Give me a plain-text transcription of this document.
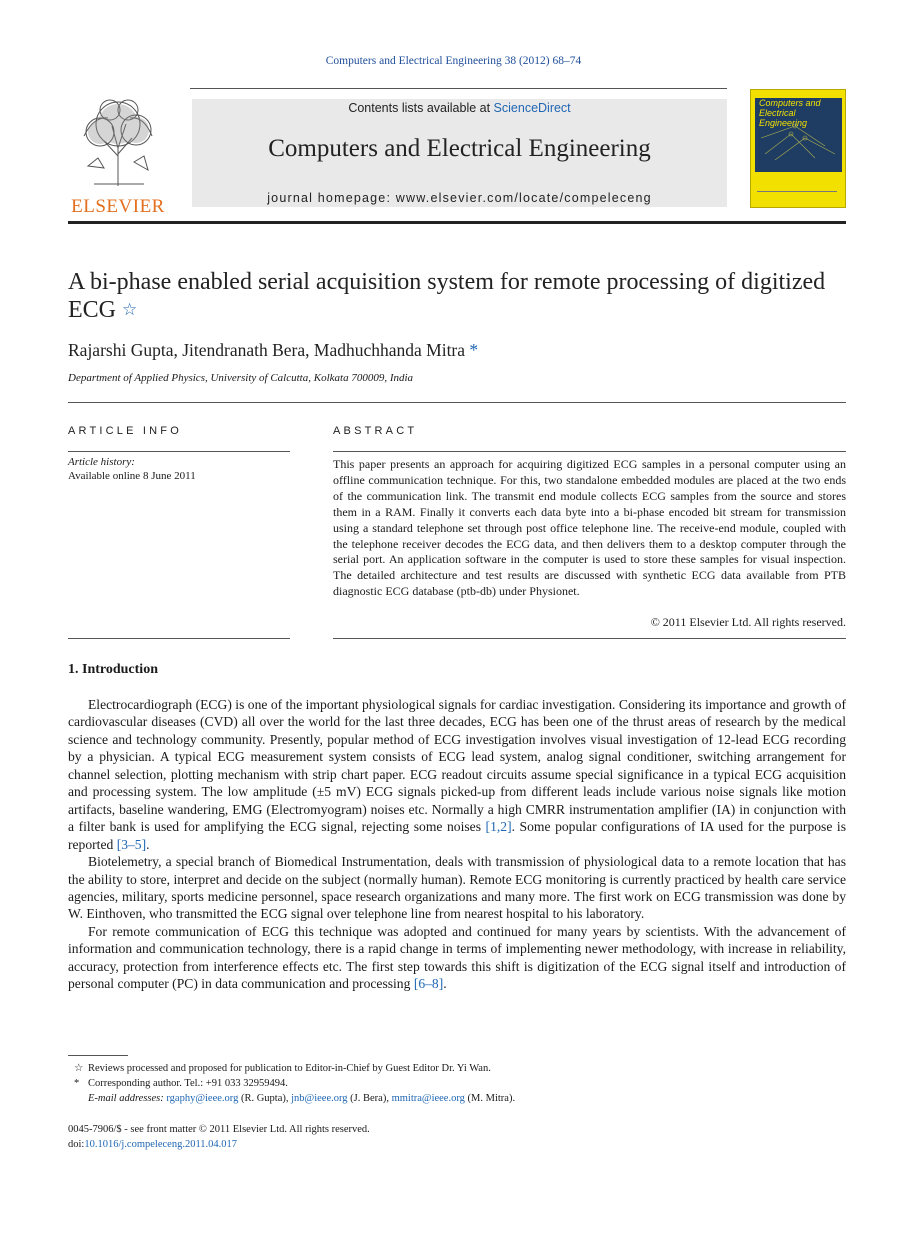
Computers and Electrical Engineering 38 (2012) 68–74
ELSEVIER
Contents lists available at ScienceDirect
Computers and Electrical Engineering
journal homepage: www.elsevier.com/locate/compeleceng
Computers and Electrical Engineering
A bi-phase enabled serial acquisition system for remote processing of digitized ECG ☆
Rajarshi Gupta, Jitendranath Bera, Madhuchhanda Mitra *
Department of Applied Physics, University of Calcutta, Kolkata 700009, India
ARTICLE INFO
Article history:
Available online 8 June 2011
ABSTRACT
This paper presents an approach for acquiring digitized ECG samples in a personal computer using an offline communication technique. For this, two standalone embedded modules are placed at the two ends of the communication link. The transmit end module collects ECG samples from the source and stores them in a RAM. Finally it converts each data byte into a bi-phase encoded bit stream for transmission using a standard telephone set through post office telephone line. The receive-end module, coupled with the telephone receiver decodes the ECG data, and then delivers them to a desktop computer through the serial port. An application software in the computer is used to store these samples for visual inspection. The detailed architecture and test results are discussed with synthetic ECG data available from PTB diagnostic ECG database (ptb-db) under Physionet.
© 2011 Elsevier Ltd. All rights reserved.
1. Introduction

Electrocardiograph (ECG) is one of the important physiological signals for cardiac investigation. Considering its importance and growth of cardiovascular diseases (CVD) all over the world for the last three decades, ECG has been one of the thrust areas of research by the medical science and technology community. Presently, popular method of ECG investigation involves visual investigation of 12-lead ECG recording by a physician. A typical ECG measurement system consists of ECG lead system, analog signal conditioner, switching arrangement for channel selection, plotting mechanism with strip chart paper. ECG readout circuits assume special significance in a typical ECG acquisition and processing system. The low amplitude (±5 mV) ECG signals picked-up from different leads include various noise signals like motion artifacts, baseline wandering, EMG (Electromyogram) noises etc. Normally a high CMRR instrumentation amplifier (IA) in conjunction with a filter bank is used for amplifying the ECG signal, rejecting some noises [1,2]. Some popular configurations of IA used for the purpose is reported [3–5].

Biotelemetry, a special branch of Biomedical Instrumentation, deals with transmission of physiological data to a remote location that has the ability to store, interpret and decide on the subject (normally human). Remote ECG monitoring is currently practiced by health care service agencies, military, sports medicine personnel, space research organizations and many more. The first work on ECG transmission was done by W. Einthoven, who transmitted the ECG signal over telephone line from nearest hospital to his laboratory.

For remote communication of ECG this technique was adopted and continued for many years by scientists. With the advancement of information and communication technology, there is a rapid change in terms of implementing newer methodology, with increase in reliability, accuracy, protection from interference effects etc. The first step towards this shift is digitization of the ECG signal itself and introduction of personal computer (PC) in data communication and processing [6–8].

☆ Reviews processed and proposed for publication to Editor-in-Chief by Guest Editor Dr. Yi Wan.
* Corresponding author. Tel.: +91 033 32959494.
E-mail addresses: rgaphy@ieee.org (R. Gupta), jnb@ieee.org (J. Bera), mmitra@ieee.org (M. Mitra).
0045-7906/$ - see front matter © 2011 Elsevier Ltd. All rights reserved.
doi:10.1016/j.compeleceng.2011.04.017
